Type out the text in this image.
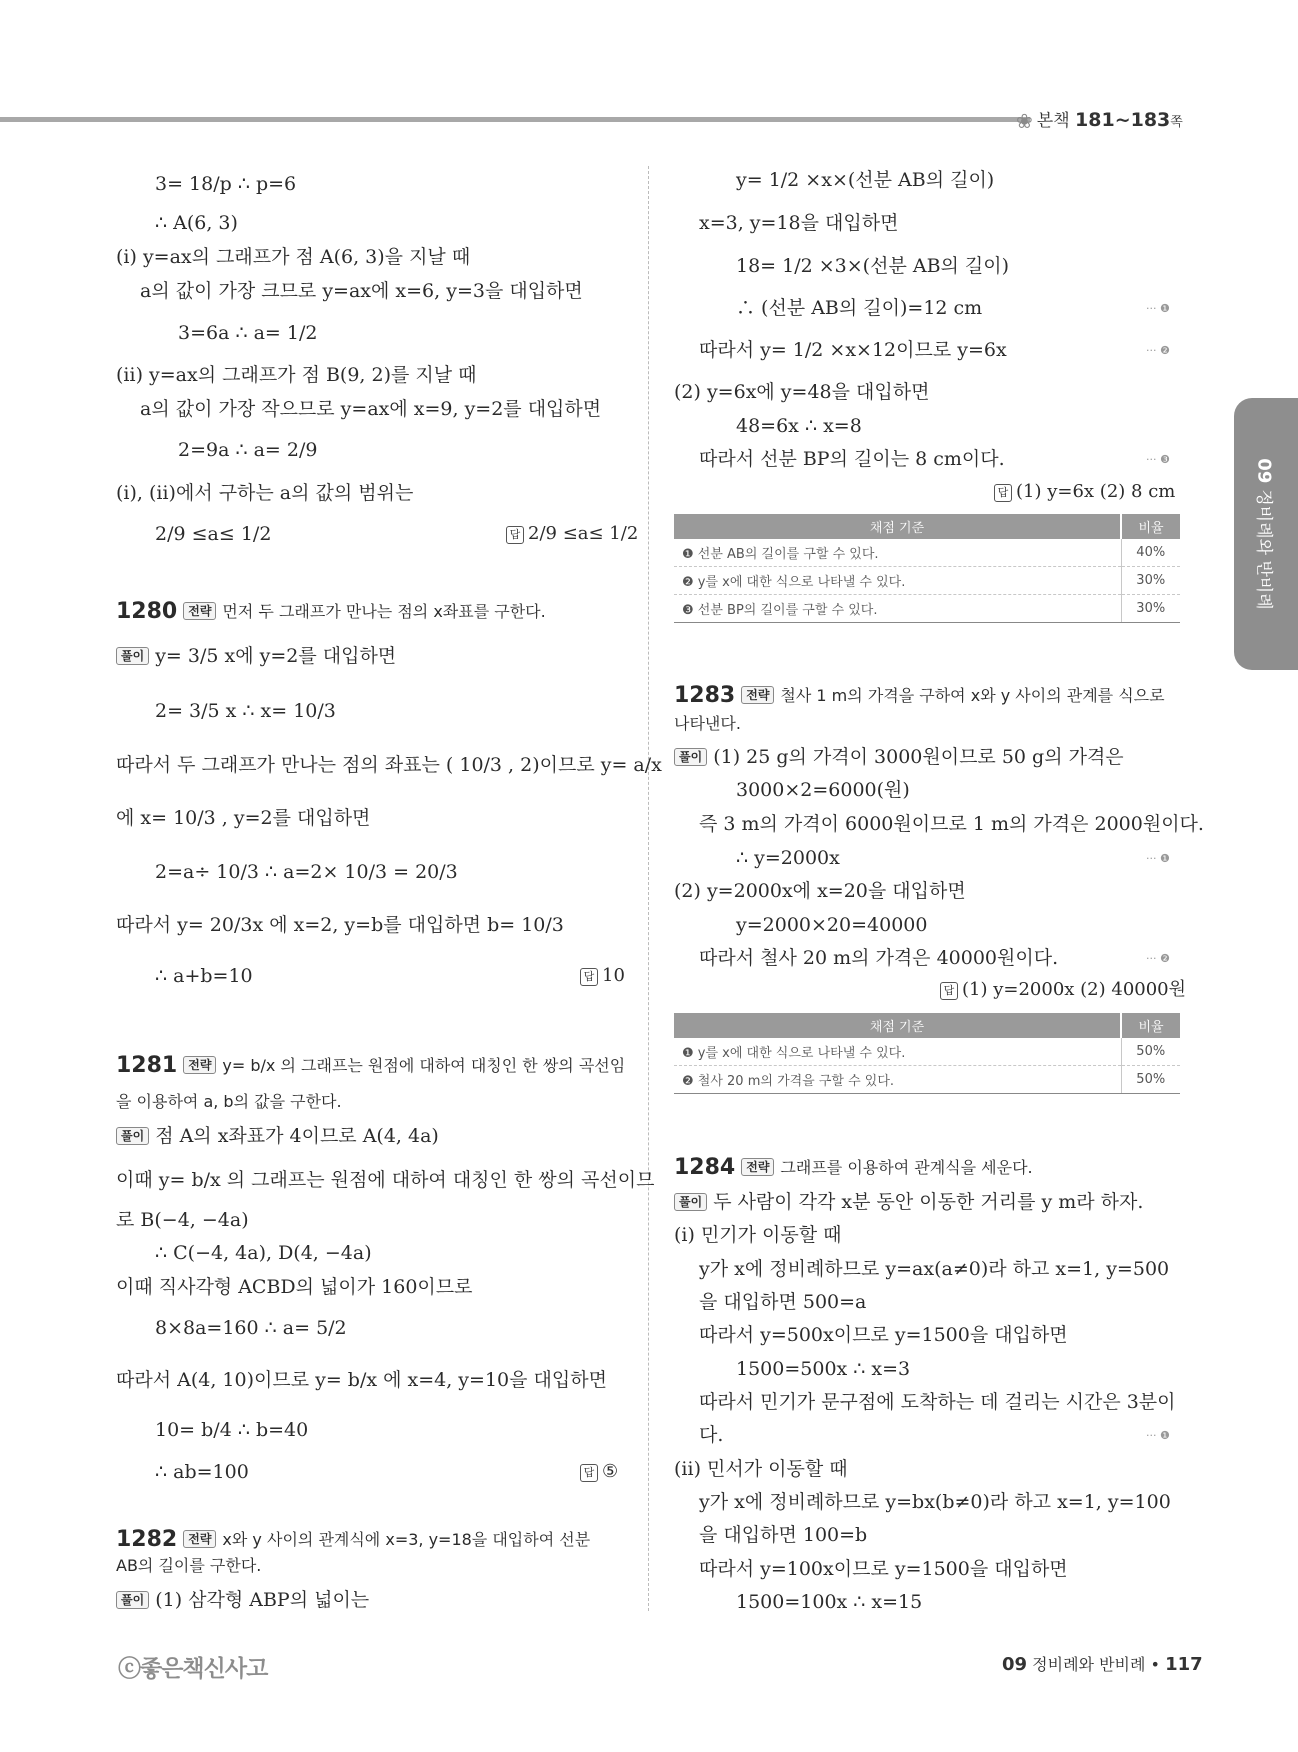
❀ 본책 181~183쪽
09정비례와 반비례
3= 18/p ∴ p=6
∴ A(6, 3)
(ⅰ) y=ax의 그래프가 점 A(6, 3)을 지날 때
a의 값이 가장 크므로 y=ax에 x=6, y=3을 대입하면
3=6a ∴ a= 1/2
(ⅱ) y=ax의 그래프가 점 B(9, 2)를 지날 때
a의 값이 가장 작으므로 y=ax에 x=9, y=2를 대입하면
2=9a ∴ a= 2/9
(ⅰ), (ⅱ)에서 구하는 a의 값의 범위는
2/9 ≤a≤ 1/2	답 2/9 ≤a≤ 1/2
1280 전략 먼저 두 그래프가 만나는 점의 x좌표를 구한다.
풀이 y= 3/5 x에 y=2를 대입하면
2= 3/5 x ∴ x= 10/3
따라서 두 그래프가 만나는 점의 좌표는 ( 10/3 , 2)이므로 y= a/x
에 x= 10/3 , y=2를 대입하면
2=a÷ 10/3 ∴ a=2× 10/3 = 20/3
따라서 y= 20/3x 에 x=2, y=b를 대입하면 b= 10/3
∴ a+b=10	답 10
1281 전략 y= b/x 의 그래프는 원점에 대하여 대칭인 한 쌍의 곡선임
을 이용하여 a, b의 값을 구한다.
풀이 점 A의 x좌표가 4이므로 A(4, 4a)
이때 y= b/x 의 그래프는 원점에 대하여 대칭인 한 쌍의 곡선이므
로 B(−4, −4a)
∴ C(−4, 4a), D(4, −4a)
이때 직사각형 ACBD의 넓이가 160이므로
8×8a=160 ∴ a= 5/2
따라서 A(4, 10)이므로 y= b/x 에 x=4, y=10을 대입하면
10= b/4 ∴ b=40
∴ ab=100	답 ⑤
1282 전략 x와 y 사이의 관계식에 x=3, y=18을 대입하여 선분
AB의 길이를 구한다.
풀이 (1) 삼각형 ABP의 넓이는
y= 1/2 ×x×(선분 AB의 길이)
x=3, y=18을 대입하면
18= 1/2 ×3×(선분 AB의 길이)
∴ (선분 AB의 길이)=12 cm	··· ❶
따라서 y= 1/2 ×x×12이므로 y=6x	··· ❷
(2) y=6x에 y=48을 대입하면
48=6x ∴ x=8
따라서 선분 BP의 길이는 8 cm이다.	··· ❸
답 (1) y=6x (2) 8 cm
채점 기준	비율
❶ 선분 AB의 길이를 구할 수 있다.	40%
❷ y를 x에 대한 식으로 나타낼 수 있다.	30%
❸ 선분 BP의 길이를 구할 수 있다.	30%
1283 전략 철사 1 m의 가격을 구하여 x와 y 사이의 관계를 식으로
나타낸다.
풀이 (1) 25 g의 가격이 3000원이므로 50 g의 가격은
3000×2=6000(원)
즉 3 m의 가격이 6000원이므로 1 m의 가격은 2000원이다.
∴ y=2000x	··· ❶
(2) y=2000x에 x=20을 대입하면
y=2000×20=40000
따라서 철사 20 m의 가격은 40000원이다.	··· ❷
답 (1) y=2000x (2) 40000원
채점 기준	비율
❶ y를 x에 대한 식으로 나타낼 수 있다.	50%
❷ 철사 20 m의 가격을 구할 수 있다.	50%
1284 전략 그래프를 이용하여 관계식을 세운다.
풀이 두 사람이 각각 x분 동안 이동한 거리를 y m라 하자.
(ⅰ) 민기가 이동할 때
y가 x에 정비례하므로 y=ax(a≠0)라 하고 x=1, y=500
을 대입하면 500=a
따라서 y=500x이므로 y=1500을 대입하면
1500=500x ∴ x=3
따라서 민기가 문구점에 도착하는 데 걸리는 시간은 3분이
다.	··· ❶
(ⅱ) 민서가 이동할 때
y가 x에 정비례하므로 y=bx(b≠0)라 하고 x=1, y=100
을 대입하면 100=b
따라서 y=100x이므로 y=1500을 대입하면
1500=100x ∴ x=15
ⓒ좋은책신사고	09 정비례와 반비례 • 117
